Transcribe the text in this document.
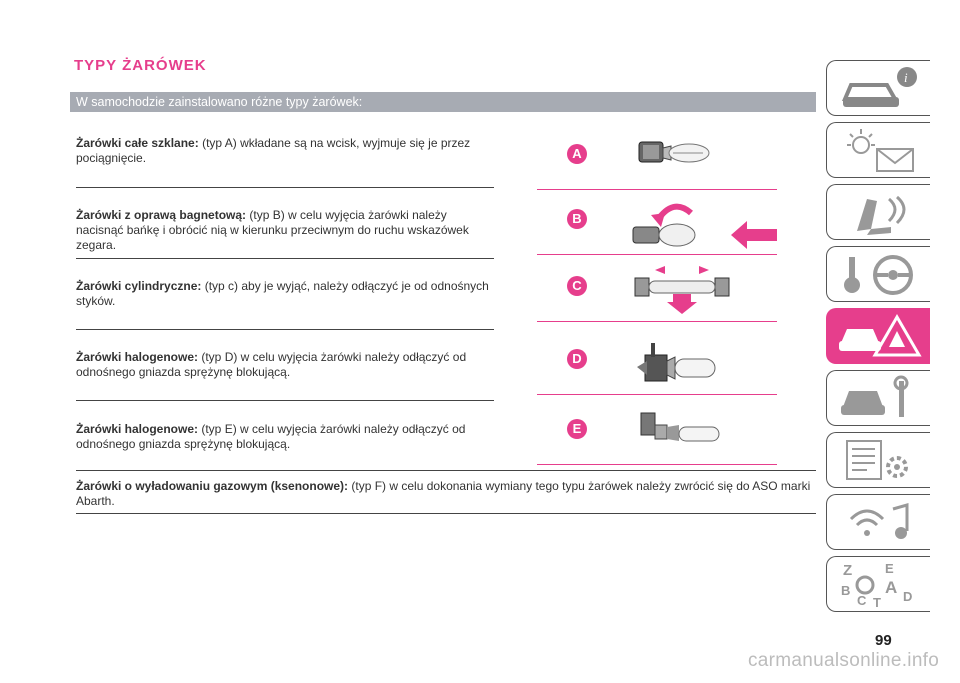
TYPY ŻARÓWEK
W samochodzie zainstalowano różne typy żarówek:
Żarówki całe szklane: (typ A) wkładane są na wcisk, wyjmuje się je przez pociągnięcie.
Żarówki z oprawą bagnetową: (typ B) w celu wyjęcia żarówki należy nacisnąć bańkę i obrócić nią w kierunku przeciwnym do ruchu wskazówek zegara.
Żarówki cylindryczne: (typ c) aby je wyjąć, należy odłączyć je od odnośnych styków.
Żarówki halogenowe: (typ D) w celu wyjęcia żarówki należy odłączyć od odnośnego gniazda sprężynę blokującą.
Żarówki halogenowe: (typ E) w celu wyjęcia żarówki należy odłączyć od odnośnego gniazda sprężynę blokującą.
Żarówki o wyładowaniu gazowym (ksenonowe): (typ F) w celu dokonania wymiany tego typu żarówek należy zwrócić się do ASO marki Abarth.
A
B
C
D
E
i
Z	E
A
B
C	D
T
99
carmanualsonline.info
